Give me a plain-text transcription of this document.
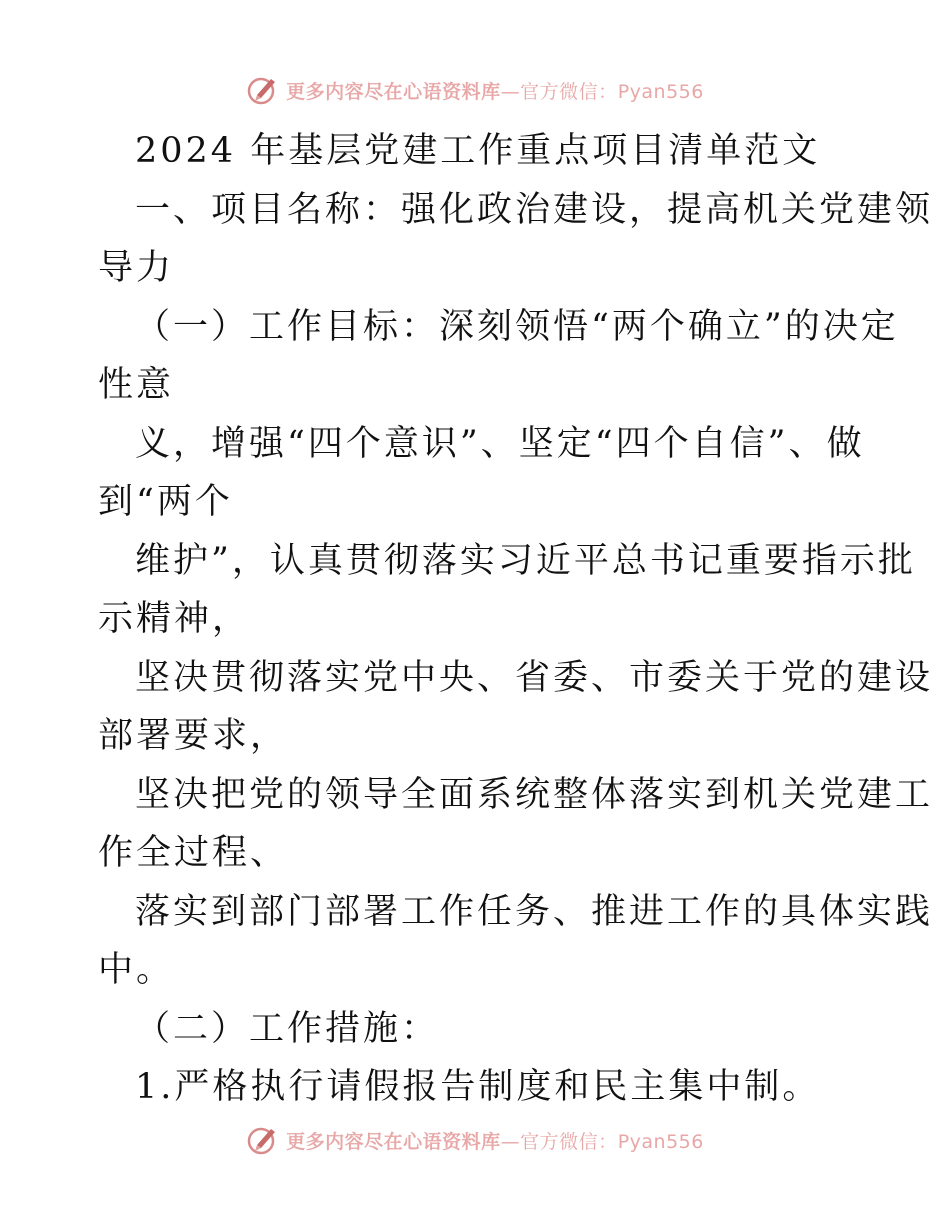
更多内容尽在心语资料库—官方微信：Pyan556
2024 年基层党建工作重点项目清单范文
一、项目名称：强化政治建设，提高机关党建领
导力
（一）工作目标：深刻领悟“两个确立”的决定
性意
义，增强“四个意识”、坚定“四个自信”、做
到“两个
维护”，认真贯彻落实习近平总书记重要指示批
示精神，
坚决贯彻落实党中央、省委、市委关于党的建设
部署要求，
坚决把党的领导全面系统整体落实到机关党建工
作全过程、
落实到部门部署工作任务、推进工作的具体实践
中。
（二）工作措施：
1.严格执行请假报告制度和民主集中制。
更多内容尽在心语资料库—官方微信：Pyan556
